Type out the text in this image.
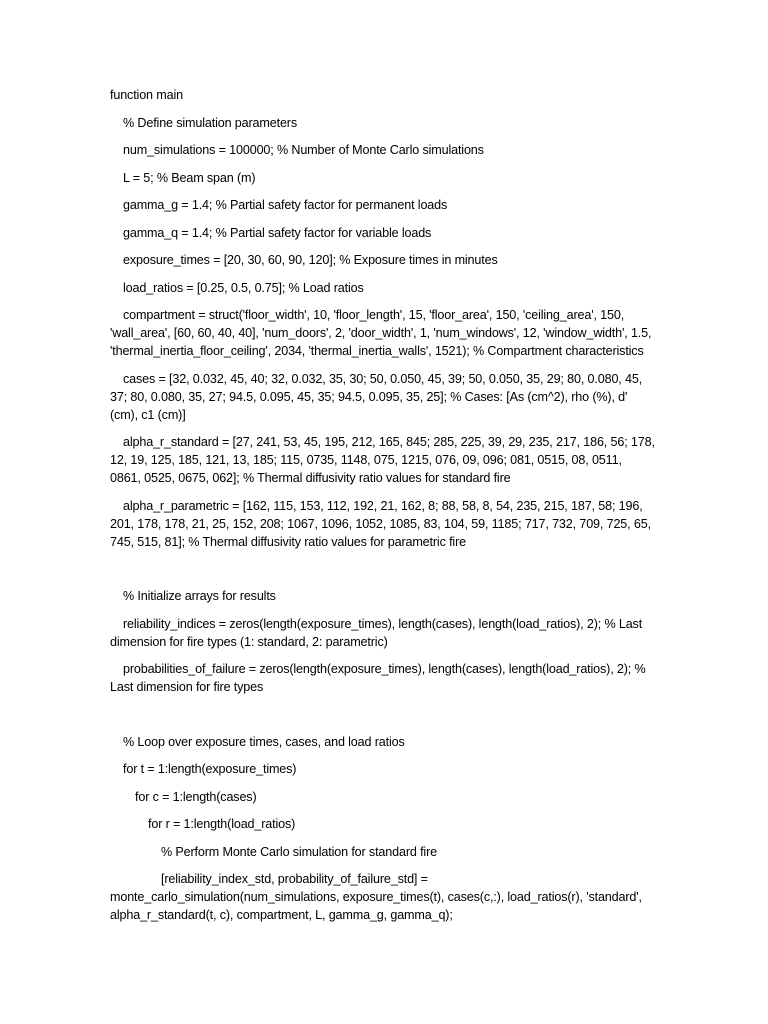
function main
% Define simulation parameters
num_simulations = 100000; % Number of Monte Carlo simulations
L = 5; % Beam span (m)
gamma_g = 1.4; % Partial safety factor for permanent loads
gamma_q = 1.4; % Partial safety factor for variable loads
exposure_times = [20, 30, 60, 90, 120]; % Exposure times in minutes
load_ratios = [0.25, 0.5, 0.75]; % Load ratios
compartment = struct('floor_width', 10, 'floor_length', 15, 'floor_area', 150, 'ceiling_area', 150, 'wall_area', [60, 60, 40, 40], 'num_doors', 2, 'door_width', 1, 'num_windows', 12, 'window_width', 1.5, 'thermal_inertia_floor_ceiling', 2034, 'thermal_inertia_walls', 1521); % Compartment characteristics
cases = [32, 0.032, 45, 40; 32, 0.032, 35, 30; 50, 0.050, 45, 39; 50, 0.050, 35, 29; 80, 0.080, 45, 37; 80, 0.080, 35, 27; 94.5, 0.095, 45, 35; 94.5, 0.095, 35, 25]; % Cases: [As (cm^2), rho (%), d' (cm), c1 (cm)]
alpha_r_standard = [27, 241, 53, 45, 195, 212, 165, 845; 285, 225, 39, 29, 235, 217, 186, 56; 178, 12, 19, 125, 185, 121, 13, 185; 115, 0735, 1148, 075, 1215, 076, 09, 096; 081, 0515, 08, 0511, 0861, 0525, 0675, 062]; % Thermal diffusivity ratio values for standard fire
alpha_r_parametric = [162, 115, 153, 112, 192, 21, 162, 8; 88, 58, 8, 54, 235, 215, 187, 58; 196, 201, 178, 178, 21, 25, 152, 208; 1067, 1096, 1052, 1085, 83, 104, 59, 1185; 717, 732, 709, 725, 65, 745, 515, 81]; % Thermal diffusivity ratio values for parametric fire
% Initialize arrays for results
reliability_indices = zeros(length(exposure_times), length(cases), length(load_ratios), 2); % Last dimension for fire types (1: standard, 2: parametric)
probabilities_of_failure = zeros(length(exposure_times), length(cases), length(load_ratios), 2); % Last dimension for fire types
% Loop over exposure times, cases, and load ratios
for t = 1:length(exposure_times)
for c = 1:length(cases)
for r = 1:length(load_ratios)
% Perform Monte Carlo simulation for standard fire
[reliability_index_std, probability_of_failure_std] = monte_carlo_simulation(num_simulations, exposure_times(t), cases(c,:), load_ratios(r), 'standard', alpha_r_standard(t, c), compartment, L, gamma_g, gamma_q);
